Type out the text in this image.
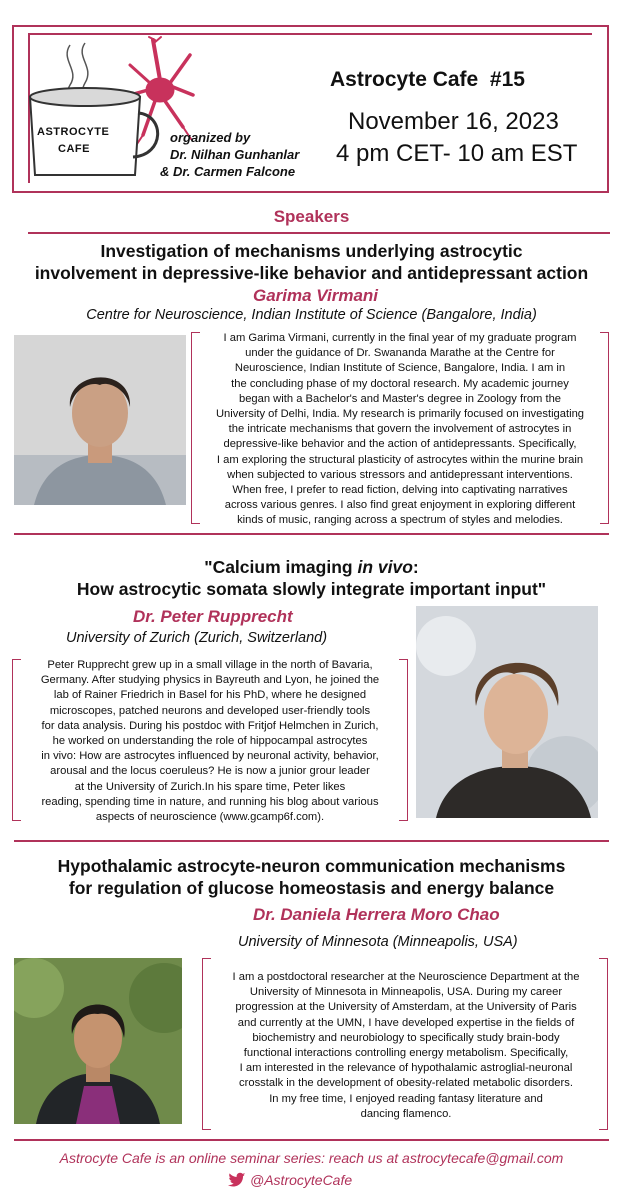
ASTROCYTE
CAFE
organized by
Dr. Nilhan Gunhanlar
& Dr. Carmen Falcone
Astrocyte Cafe  #15
November 16, 2023
4 pm CET- 10 am EST
Speakers
Investigation of mechanisms underlying astrocytic
involvement in depressive-like behavior and antidepressant action
Garima Virmani
Centre for Neuroscience, Indian Institute of Science (Bangalore, India)
I am Garima Virmani, currently in the final year of my graduate program
under the guidance of Dr. Swananda Marathe at the Centre for
Neuroscience, Indian Institute of Science, Bangalore, India. I am in
the concluding phase of my doctoral research. My academic journey
began with a Bachelor's and Master's degree in Zoology from the
University of Delhi, India. My research is primarily focused on investigating
the intricate mechanisms that govern the involvement of astrocytes in
depressive-like behavior and the action of antidepressants. Specifically,
I am exploring the structural plasticity of astrocytes within the murine brain
when subjected to various stressors and antidepressant interventions.
When free, I prefer to read fiction, delving into captivating narratives
across various genres. I also find great enjoyment in exploring different
kinds of music, ranging across a spectrum of styles and melodies.
"Calcium imaging in vivo:
How astrocytic somata slowly integrate important input"
Dr. Peter Rupprecht
University of Zurich (Zurich, Switzerland)
Peter Rupprecht grew up in a small village in the north of Bavaria,
Germany. After studying physics in Bayreuth and Lyon, he joined the
lab of Rainer Friedrich in Basel for his PhD, where he designed
microscopes, patched neurons and developed user-friendly tools
for data analysis. During his postdoc with Fritjof Helmchen in Zurich,
he worked on understanding the role of hippocampal astrocytes
in vivo: How are astrocytes influenced by neuronal activity, behavior,
arousal and the locus coeruleus? He is now a junior grour leader
at the University of Zurich.In his spare time, Peter likes
reading, spending time in nature, and running his blog about various
aspects of neuroscience (www.gcamp6f.com).
Hypothalamic astrocyte-neuron communication mechanisms
for regulation of glucose homeostasis and energy balance
Dr. Daniela Herrera Moro Chao
University of Minnesota (Minneapolis, USA)
I am a postdoctoral researcher at the Neuroscience Department at the
University of Minnesota in Minneapolis, USA. During my career
progression at the University of Amsterdam, at the University of Paris
and currently at the UMN, I have developed expertise in the fields of
biochemistry and neurobiology to specifically study brain-body
functional interactions controlling energy metabolism. Specifically,
I am interested in the relevance of hypothalamic astroglial-neuronal
crosstalk in the development of obesity-related metabolic disorders.
In my free time, I enjoyed reading fantasy literature and
dancing flamenco.
Astrocyte Cafe is an online seminar series: reach us at astrocytecafe@gmail.com
@AstrocyteCafe
